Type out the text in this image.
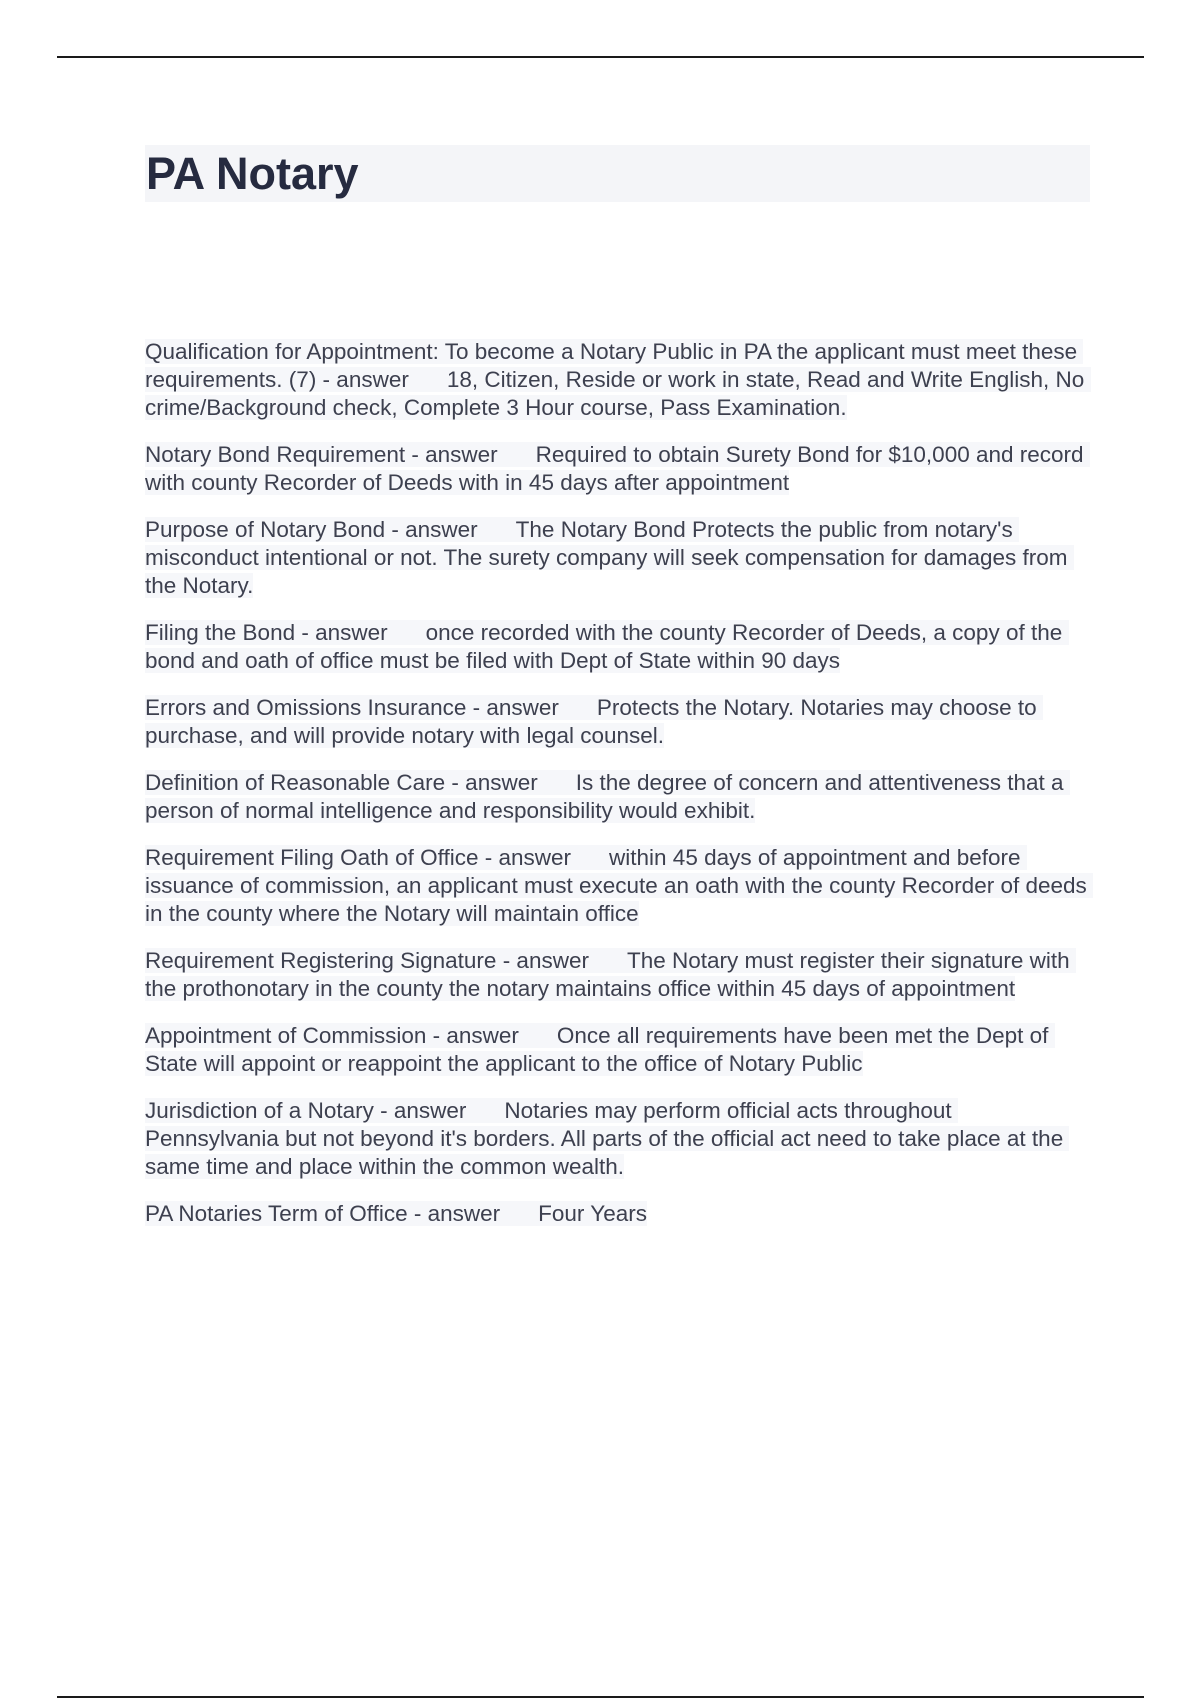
PA Notary

Qualification for Appointment: To become a Notary Public in PA the applicant must meet these requirements. (7) - answer 18, Citizen, Reside or work in state, Read and Write English, No crime/Background check, Complete 3 Hour course, Pass Examination.

Notary Bond Requirement - answer Required to obtain Surety Bond for $10,000 and record with county Recorder of Deeds with in 45 days after appointment

Purpose of Notary Bond - answer The Notary Bond Protects the public from notary's misconduct intentional or not. The surety company will seek compensation for damages from the Notary.

Filing the Bond - answer once recorded with the county Recorder of Deeds, a copy of the bond and oath of office must be filed with Dept of State within 90 days

Errors and Omissions Insurance - answer Protects the Notary. Notaries may choose to purchase, and will provide notary with legal counsel.

Definition of Reasonable Care - answer Is the degree of concern and attentiveness that a person of normal intelligence and responsibility would exhibit.

Requirement Filing Oath of Office - answer within 45 days of appointment and before issuance of commission, an applicant must execute an oath with the county Recorder of deeds in the county where the Notary will maintain office

Requirement Registering Signature - answer The Notary must register their signature with the prothonotary in the county the notary maintains office within 45 days of appointment

Appointment of Commission - answer Once all requirements have been met the Dept of State will appoint or reappoint the applicant to the office of Notary Public

Jurisdiction of a Notary - answer Notaries may perform official acts throughout Pennsylvania but not beyond it's borders. All parts of the official act need to take place at the same time and place within the common wealth.

PA Notaries Term of Office - answer Four Years
